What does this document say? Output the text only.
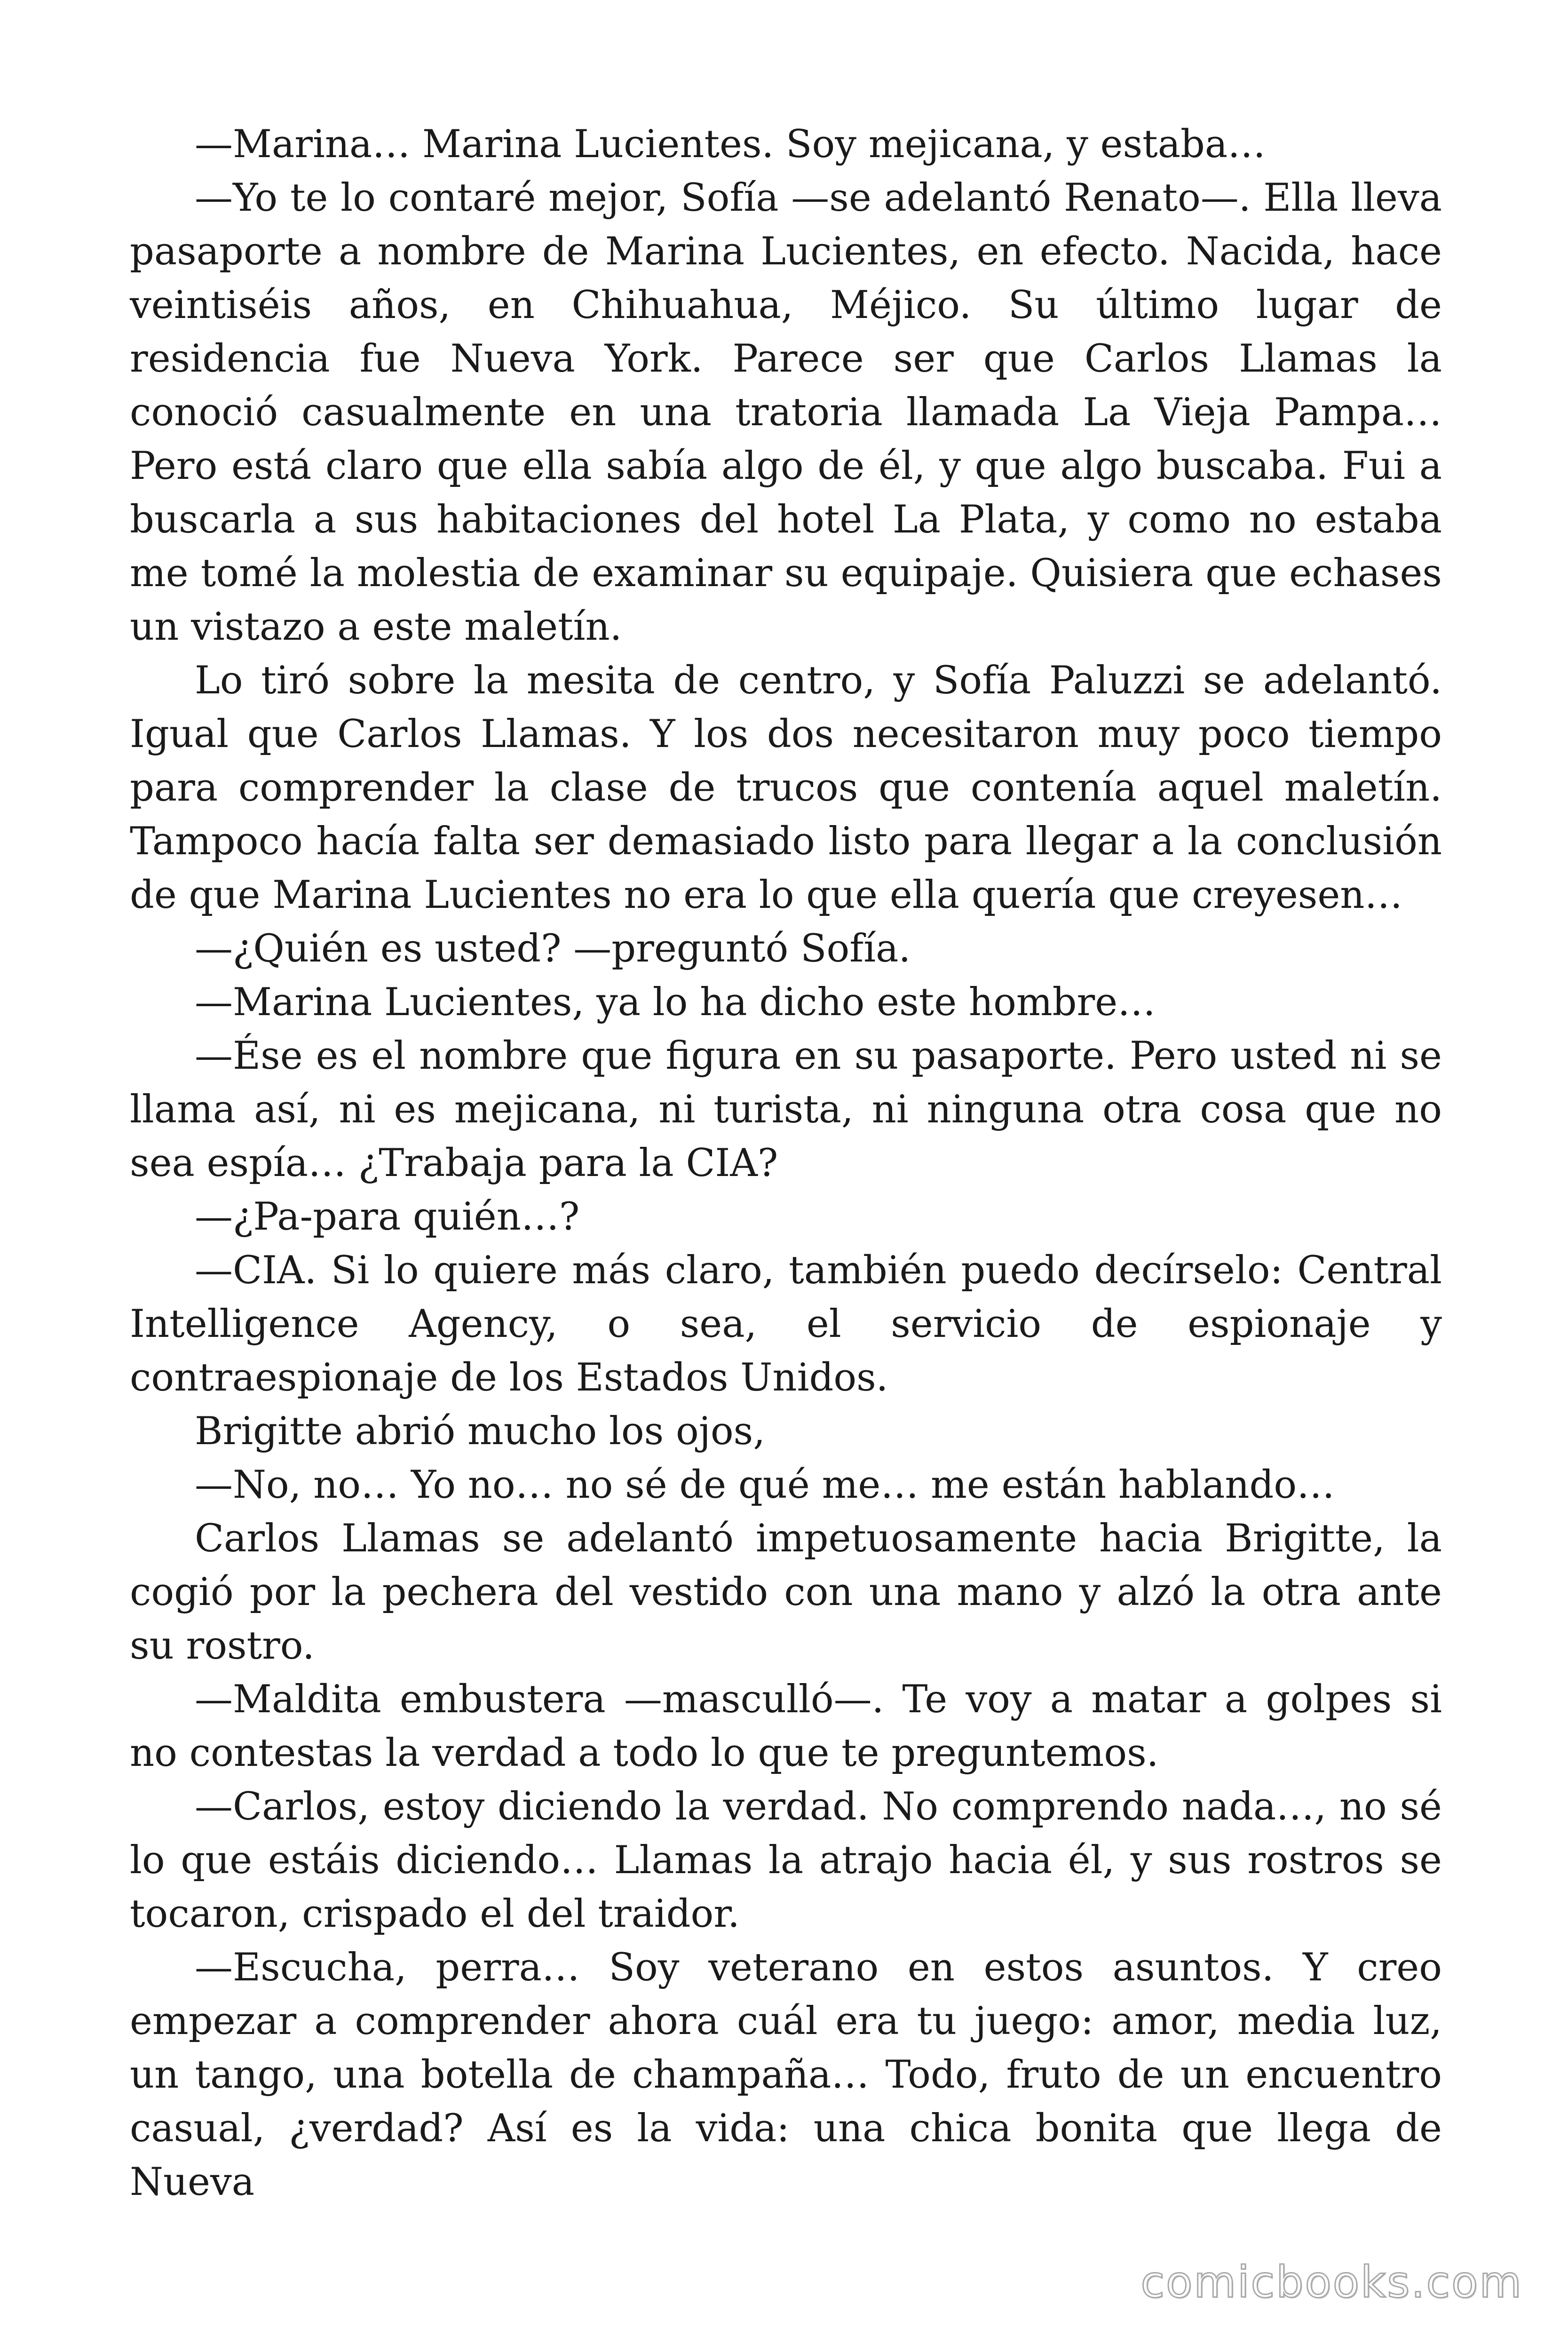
—Marina… Marina Lucientes. Soy mejicana, y estaba…

—Yo te lo contaré mejor, Sofía —se adelantó Renato—. Ella lleva pasaporte a nombre de Marina Lucientes, en efecto. Nacida, hace veintiséis años, en Chihuahua, Méjico. Su último lugar de residencia fue Nueva York. Parece ser que Carlos Llamas la conoció casualmente en una tratoria llamada La Vieja Pampa… Pero está claro que ella sabía algo de él, y que algo buscaba. Fui a buscarla a sus habitaciones del hotel La Plata, y como no estaba me tomé la molestia de examinar su equipaje. Quisiera que echases un vistazo a este maletín.

Lo tiró sobre la mesita de centro, y Sofía Paluzzi se adelantó. Igual que Carlos Llamas. Y los dos necesitaron muy poco tiempo para comprender la clase de trucos que contenía aquel maletín. Tampoco hacía falta ser demasiado listo para llegar a la conclusión de que Marina Lucientes no era lo que ella quería que creyesen…

—¿Quién es usted? —preguntó Sofía.

—Marina Lucientes, ya lo ha dicho este hombre…

—Ése es el nombre que figura en su pasaporte. Pero usted ni se llama así, ni es mejicana, ni turista, ni ninguna otra cosa que no sea espía… ¿Trabaja para la CIA?

—¿Pa-para quién…?

—CIA. Si lo quiere más claro, también puedo decírselo: Central Intelligence Agency, o sea, el servicio de espionaje y contraespionaje de los Estados Unidos.

Brigitte abrió mucho los ojos,

—No, no… Yo no… no sé de qué me… me están hablando…

Carlos Llamas se adelantó impetuosamente hacia Brigitte, la cogió por la pechera del vestido con una mano y alzó la otra ante su rostro.

—Maldita embustera —masculló—. Te voy a matar a golpes si no contestas la verdad a todo lo que te preguntemos.

—Carlos, estoy diciendo la verdad. No comprendo nada…, no sé lo que estáis diciendo… Llamas la atrajo hacia él, y sus rostros se tocaron, crispado el del traidor.

—Escucha, perra… Soy veterano en estos asuntos. Y creo empezar a comprender ahora cuál era tu juego: amor, media luz, un tango, una botella de champaña… Todo, fruto de un encuentro casual, ¿verdad? Así es la vida: una chica bonita que llega de Nueva

comicbooks.com
